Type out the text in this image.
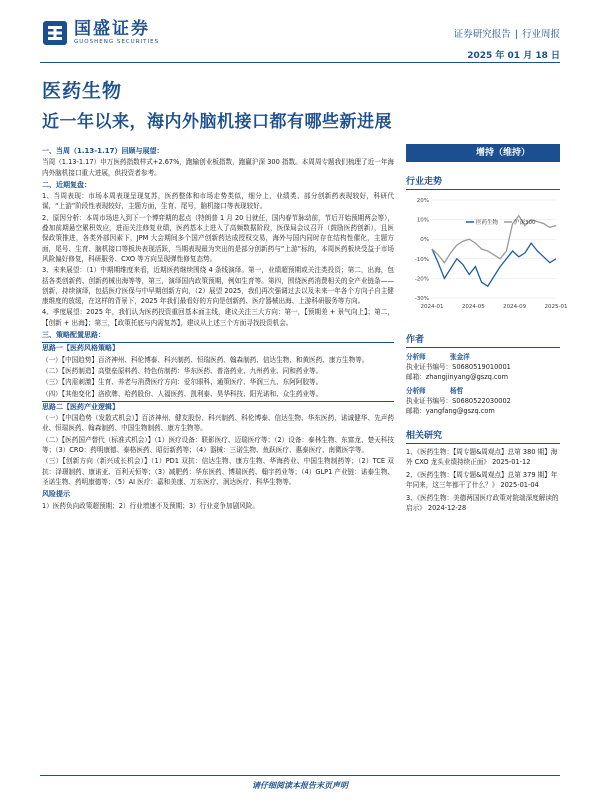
国盛证券
GUOSHENG SECURITIES
证券研究报告 | 行业周报
2025 年 01 月 18 日
医药生物
近一年以来，海内外脑机接口都有哪些新进展
一、当周（1.13-1.17）回顾与展望：
当周（1.13-1.17）申万医药指数样式+2.67%，跑输创业板指数，跑赢沪深 300 指数。本周周专题我们梳理了近一年海内外脑机接口重大进展，供投资者参考。
二、近期复盘：
1、当周表现：市场本周表现呈现复苏，医药整体和市场走势类似，细分上，业绩类、部分创新药表现较好，科研代谋，“上游”阶段性表现较好，主题方面，生育、尾号，脑机接口等表现较好。
2、原因分析：本周市场进入到下一个博弈期的起点（特朗普 1 月 20 日就任，国内春节脉动前，节后开始预期两会等），叠加前期悬空累积效应，进而关注修复业绩，医药基本上进入了高频数据阶段，医保局会议召开（鼓励医药创新），且医保政策推进，各类外部因素下，JPM 大会期间多个国产创新药达成授权交易，海外与国内同时存在结构性催化，主题方面，尾号、生育、脑机接口等板块表现活跃，当期表现最为突出的是部分创新药与“上游”标的，本周医药板块受益于市场风险偏好修复，科研服务、CXO 等方向呈现弹性修复态势。
3、未来展望：（1）中期期维度来看，近期医药继续围绕 4 条线演绎。第一，业绩超预期或关注类投资；第二，出海，包括各类创新药、创新药械出海等等，第三，演绎国内政策预期，例如生育等。第四，围绕医药消费相关的全产业链条——创新，持续演绎，包括医疗医保与中早期创新方向，（2）展望 2025，我们再次强调过去以及未来一年各个方向子自主健康维度的放缓，在这样的背景下，2025 年我们最看好的方向是创新药、医疗器械出海、上游科研服务等方向。
4、季度展望：2025 年，我们认为医药投资重回基本面主线，建议关注三大方向：第一，【预期差 + 景气向上】；第二，【创新 + 出海】；第三，【政策托底与内需复苏】，建议从上述三个方面寻找投资机会。
三、策略配置思路：
思路一【医药风格策略】
（一）【中国趋势】百济神州、科伦博泰、科兴制药、恒瑞医药、翰森制药、信达生物、和黄医药、康方生物等。
（二）【医药制造】高壁垒原料药、特色仿制药：华东医药、普洛药业、九州药业、同和药业等。
（三）【内需刺激】生育、养老与消费医疗方向：爱尔眼科、通策医疗、华润三九、东阿阿胶等。
（四）【其他变化】洛欧牌、哈药股份、人福医药、凯利泰、昊华科技、阳光诺和、众生药业等。
思路二【医药产业逻辑】
（一）【中国趋势（发散式机会）】百济神州、健友股份、科兴制药、科伦博泰、信达生物、华东医药、诺诚健华、先声药业、恒瑞医药、翰森制药、中国生物制药、康方生物等。
（二）【医药国产替代（标准式机会）】（1）医疗设备：联影医疗、迈瑞医疗等；（2）设备：泰林生物、东富龙、楚天科技等；（3）CRO：药明康德、泰格医药、昭衍新药等；（4）器械：三诺生物、鱼跃医疗、惠泰医疗、南微医学等。
（三）【创新方向（新兴成长机会）】（1）PD1 双抗：信达生物、康方生物、华海药业、中国生物制药等；（2）TCE 双抗：泽璟制药、康诺亚、百利天恒等；（3）减肥药：华东医药、博瑞医药、翰宇药业等；（4）GLP1 产业链：诺泰生物、圣诺生物、药明康德等；（5）AI 医疗：嘉和美康、万东医疗、润达医疗、科华生物等。
风险提示
1）医药负向政策超预期；2）行业增速不及预期；3）行业竞争加剧风险。
增持（维持）
行业走势
20%
10%
0%
-10%
-20%
-30%
2024-01	2024-05	2024-09	2025-01
医药生物	沪深300
作者
分析师	张金洋
执业证书编号：S0680519010001
邮箱：zhangjinyang@gszq.com
分析师	杨哲
执业证书编号：S0680522030002
邮箱：yangfang@gszq.com
相关研究
1、《医药生物：【周专题&周观点】总第 380 期】海外 CXO 龙头业绩持续正面》 2025-01-12
2、《医药生物：【周专题&周观点】总第 379 期】年年同来，这三年都干了什么？》 2025-01-04
3、《医药生物：美德两国医疗政策对院端深度解读的启示》 2024-12-28
请仔细阅读本报告末页声明
